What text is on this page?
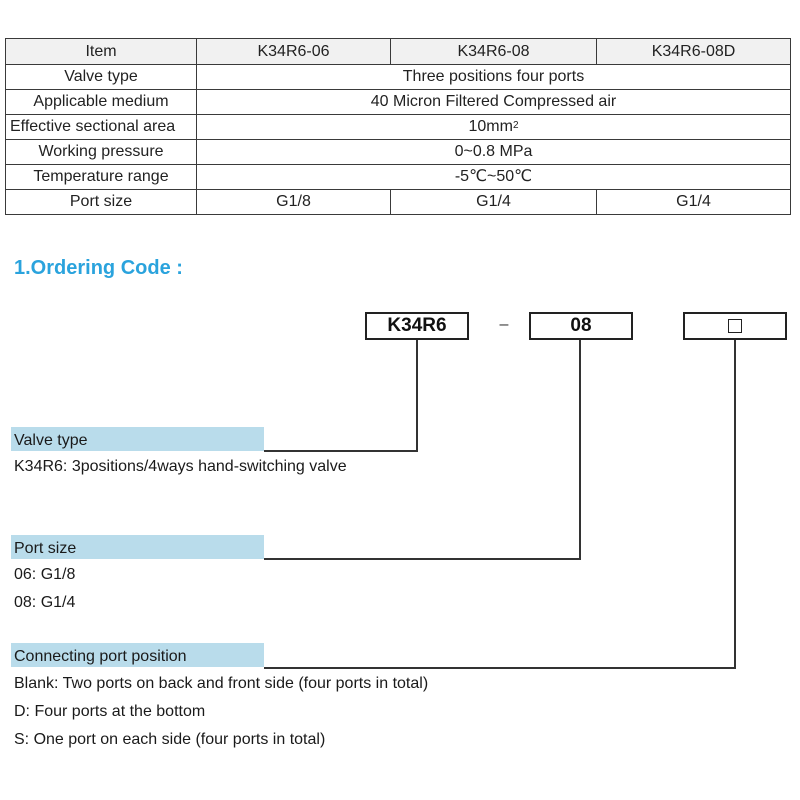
Item	K34R6-06	K34R6-08	K34R6-08D
Valve type	Three positions four ports		
Applicable medium	40 Micron Filtered Compressed air		
Effective sectional area	$10mm^2$
Working pressure	0~0.8 MPa		
Temperature range	-5℃~50℃		
Port size	G1/8	G1/4	G1/4
1.Ordering Code :
K34R6	–	08
Valve type
K34R6: 3positions/4ways hand-switching valve
Port size
06: G1/8
08: G1/4
Connecting port position
Blank: Two ports on back and front side (four ports in total)
D: Four ports at the bottom
S: One port on each side (four ports in total)
